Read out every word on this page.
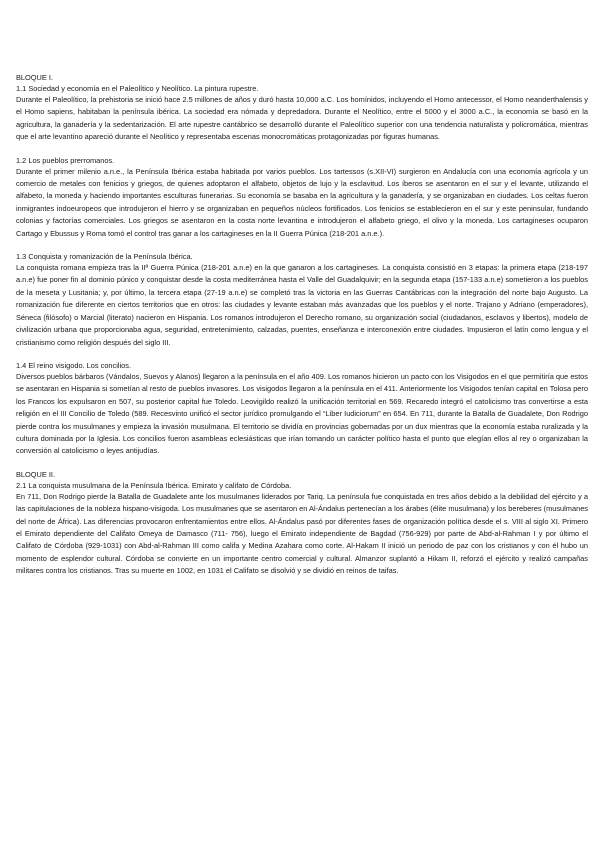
BLOQUE I.

1.1 Sociedad y economía en el Paleolítico y Neolítico. La pintura rupestre.

Durante el Paleolítico, la prehistoria se inició hace 2.5 millones de años y duró hasta 10,000 a.C. Los homínidos, incluyendo el Homo antecessor, el Homo neanderthalensis y el Homo sapiens, habitaban la península ibérica. La sociedad era nómada y depredadora. Durante el Neolítico, entre el 5000 y el 3000 a.C., la economía se basó en la agricultura, la ganadería y la sedentarización. El arte rupestre cantábrico se desarrolló durante el Paleolítico superior con una tendencia naturalista y policromática, mientras que el arte levantino apareció durante el Neolítico y representaba escenas monocromáticas protagonizadas por figuras humanas.

1.2 Los pueblos prerromanos.

Durante el primer milenio a.n.e., la Península Ibérica estaba habitada por varios pueblos. Los tartessos (s.XII-VI) surgieron en Andalucía con una economía agrícola y un comercio de metales con fenicios y griegos, de quienes adoptaron el alfabeto, objetos de lujo y la esclavitud. Los íberos se asentaron en el sur y el levante, utilizando el alfabeto, la moneda y haciendo importantes esculturas funerarias. Su economía se basaba en la agricultura y la ganadería, y se organizaban en ciudades. Los celtas fueron inmigrantes indoeuropeos que introdujeron el hierro y se organizaban en pequeños núcleos fortificados. Los fenicios se establecieron en el sur y este peninsular, fundando colonias y factorías comerciales. Los griegos se asentaron en la costa norte levantina e introdujeron el alfabeto griego, el olivo y la moneda. Los cartagineses ocuparon Cartago y Ebussus y Roma tomó el control tras ganar a los cartagineses en la II Guerra Púnica (218-201 a.n.e.).

1.3 Conquista y romanización de la Península Ibérica.

La conquista romana empieza tras la IIª Guerra Púnica (218-201 a.n.e) en la que ganaron a los cartagineses. La conquista consistió en 3 etapas: la primera etapa (218-197 a.n.e) fue poner fin al dominio púnico y conquistar desde la costa mediterránea hasta el Valle del Guadalquivir; en la segunda etapa (157-133 a.n.e) sometieron a los pueblos de la meseta y Lusitania; y, por último, la tercera etapa (27-19 a.n.e) se completó tras la victoria en las Guerras Cantábricas con la integración del norte bajo Augusto. La romanización fue diferente en ciertos territorios que en otros: las ciudades y levante estaban más avanzadas que los pueblos y el norte. Trajano y Adriano (emperadores), Séneca (filósofo) o Marcial (literato) nacieron en Hispania. Los romanos introdujeron el Derecho romano, su organización social (ciudadanos, esclavos y libertos), modelo de civilización urbana que proporcionaba agua, seguridad, entretenimiento, calzadas, puentes, enseñanza e interconexión entre ciudades. Impusieron el latín como lengua y el cristianismo como religión después del siglo III.

1.4 El reino visigodo. Los concilios.

Diversos pueblos bárbaros (Vándalos, Suevos y Alanos) llegaron a la península en el año 409. Los romanos hicieron un pacto con los Visigodos en el que permitiría que estos se asentaran en Hispania si sometían al resto de pueblos invasores. Los visigodos llegaron a la península en el 411. Anteriormente los Visigodos tenían capital en Tolosa pero los Francos los expulsaron en 507, su posterior capital fue Toledo. Leovigildo realizó la unificación territorial en 569. Recaredo integró el catolicismo tras convertirse a esta religión en el III Concilio de Toledo (589. Recesvinto unificó el sector jurídico promulgando el “Liber Iudiciorum” en 654. En 711, durante la Batalla de Guadalete, Don Rodrigo pierde contra los musulmanes y empieza la invasión musulmana. El territorio se dividía en provincias gobernadas por un dux mientras que la economía estaba ruralizada y la cultura dominada por la Iglesia. Los concilios fueron asambleas eclesiásticas que irían tomando un carácter político hasta el punto que elegían ellos al rey o organizaban la conversión al catolicismo o leyes antijudías.

BLOQUE II.

2.1 La conquista musulmana de la Península Ibérica. Emirato y califato de Córdoba.

En 711, Don Rodrigo pierde la Batalla de Guadalete ante los musulmanes liderados por Tariq. La península fue conquistada en tres años debido a la debilidad del ejército y a las capitulaciones de la nobleza hispano-visigoda. Los musulmanes que se asentaron en Al-Ándalus pertenecían a los árabes (élite musulmana) y los bereberes (musulmanes del norte de África). Las diferencias provocaron enfrentamientos entre ellos. Al-Ándalus pasó por diferentes fases de organización política desde el s. VIII al siglo XI. Primero el Emirato dependiente del Califato Omeya de Damasco (711- 756), luego el Emirato independiente de Bagdad (756-929) por parte de Abd-al-Rahman I y por último el Califato de Córdoba (929-1031) con Abd-al-Rahman III como califa y Medina Azahara como corte. Al-Hakam II inició un periodo de paz con los cristianos y con él hubo un momento de esplendor cultural. Córdoba se convierte en un importante centro comercial y cultural. Almanzor suplantó a Hikam II, reforzó el ejército y realizó campañas militares contra los cristianos. Tras su muerte en 1002, en 1031 el Califato se disolvió y se dividió en reinos de taifas.
